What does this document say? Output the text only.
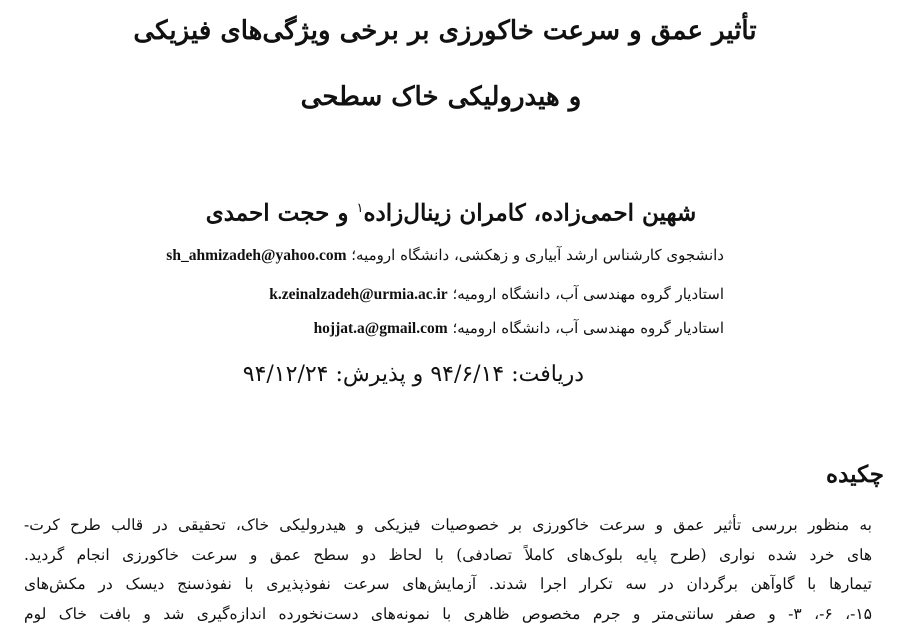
تأثیر عمق و سرعت خاکورزی بر برخی ویژگی‌های فیزیکی
و هیدرولیکی خاک سطحی
شهین احمی‌زاده، کامران زینال‌زاده$^۱$ و حجت احمدی
دانشجوی کارشناس ارشد آبیاری و زهکشی، دانشگاه ارومیه؛ sh_ahmizadeh@yahoo.com
استادیار گروه مهندسی آب، دانشگاه ارومیه؛ k.zeinalzadeh@urmia.ac.ir
استادیار گروه مهندسی آب، دانشگاه ارومیه؛ hojjat.a@gmail.com
دریافت: ۹۴/۶/۱۴ و پذیرش: ۹۴/۱۲/۲۴
چکیده
به منظور بررسی تأثیر عمق و سرعت خاکورزی بر خصوصیات فیزیکی و هیدرولیکی خاک، تحقیقی در قالب طرح کرت-
های خرد شده نواری (طرح پایه بلوک‌های کاملاً تصادفی) با لحاظ دو سطح عمق و سرعت خاکورزی انجام گردید.
تیمارها با گاوآهن برگردان در سه تکرار اجرا شدند. آزمایش‌های سرعت نفوذپذیری با نفوذسنج دیسک در مکش‌های
۱۵-، ۶-، ۳- و صفر سانتی‌متر و جرم مخصوص ظاهری با نمونه‌های دست‌نخورده اندازه‌گیری شد و بافت خاک لوم
